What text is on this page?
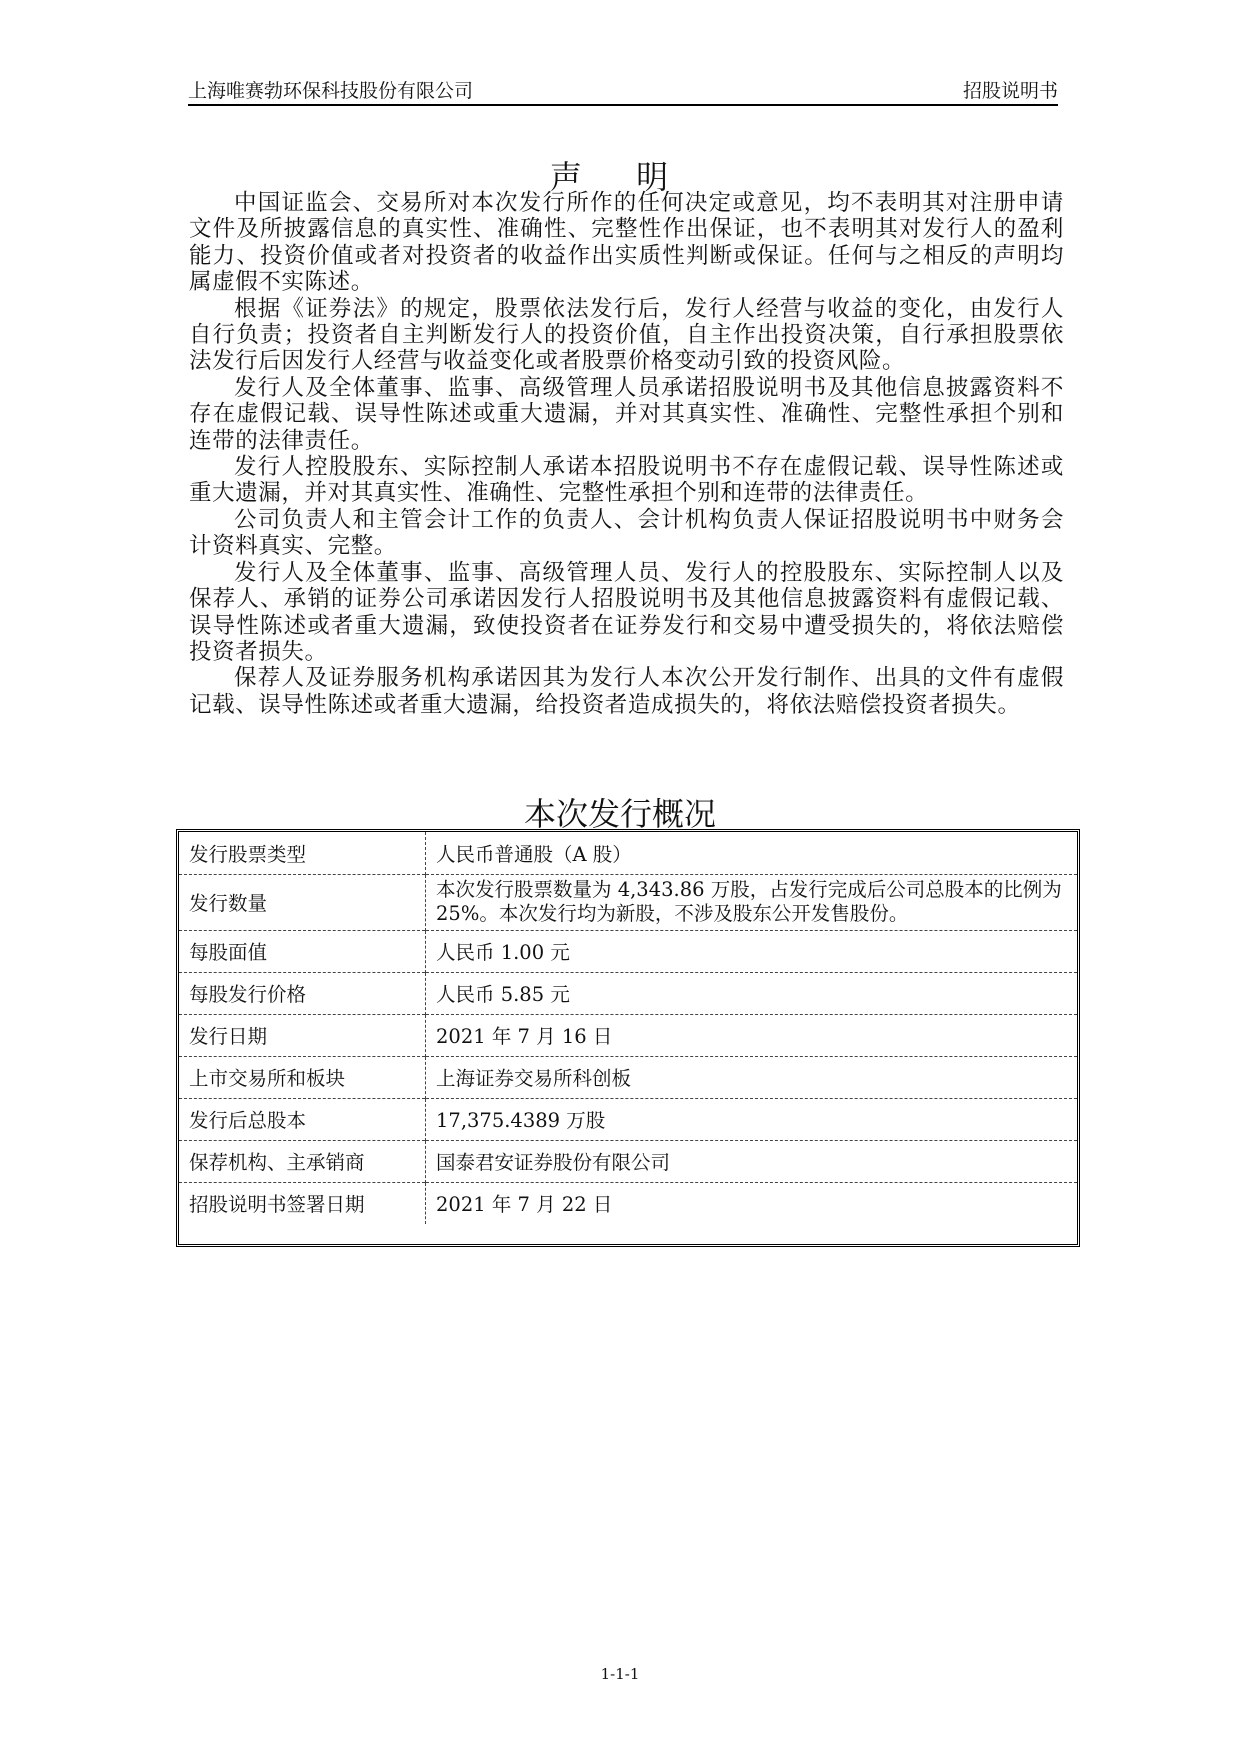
上海唯赛勃环保科技股份有限公司	招股说明书
声 明

中国证监会、交易所对本次发行所作的任何决定或意见，均不表明其对注册申请文件及所披露信息的真实性、准确性、完整性作出保证，也不表明其对发行人的盈利能力、投资价值或者对投资者的收益作出实质性判断或保证。任何与之相反的声明均属虚假不实陈述。

根据《证券法》的规定，股票依法发行后，发行人经营与收益的变化，由发行人自行负责；投资者自主判断发行人的投资价值，自主作出投资决策，自行承担股票依法发行后因发行人经营与收益变化或者股票价格变动引致的投资风险。

发行人及全体董事、监事、高级管理人员承诺招股说明书及其他信息披露资料不存在虚假记载、误导性陈述或重大遗漏，并对其真实性、准确性、完整性承担个别和连带的法律责任。

发行人控股股东、实际控制人承诺本招股说明书不存在虚假记载、误导性陈述或重大遗漏，并对其真实性、准确性、完整性承担个别和连带的法律责任。

公司负责人和主管会计工作的负责人、会计机构负责人保证招股说明书中财务会计资料真实、完整。

发行人及全体董事、监事、高级管理人员、发行人的控股股东、实际控制人以及保荐人、承销的证券公司承诺因发行人招股说明书及其他信息披露资料有虚假记载、误导性陈述或者重大遗漏，致使投资者在证券发行和交易中遭受损失的，将依法赔偿投资者损失。

保荐人及证券服务机构承诺因其为发行人本次公开发行制作、出具的文件有虚假记载、误导性陈述或者重大遗漏，给投资者造成损失的，将依法赔偿投资者损失。

本次发行概况
发行股票类型	人民币普通股（A 股）
发行数量	本次发行股票数量为 4,343.86 万股，占发行完成后公司总股本的比例为 25%。本次发行均为新股，不涉及股东公开发售股份。
每股面值	人民币 1.00 元
每股发行价格	人民币 5.85 元
发行日期	2021 年 7 月 16 日
上市交易所和板块	上海证券交易所科创板
发行后总股本	17,375.4389 万股
保荐机构、主承销商	国泰君安证券股份有限公司
招股说明书签署日期	2021 年 7 月 22 日
1-1-1
